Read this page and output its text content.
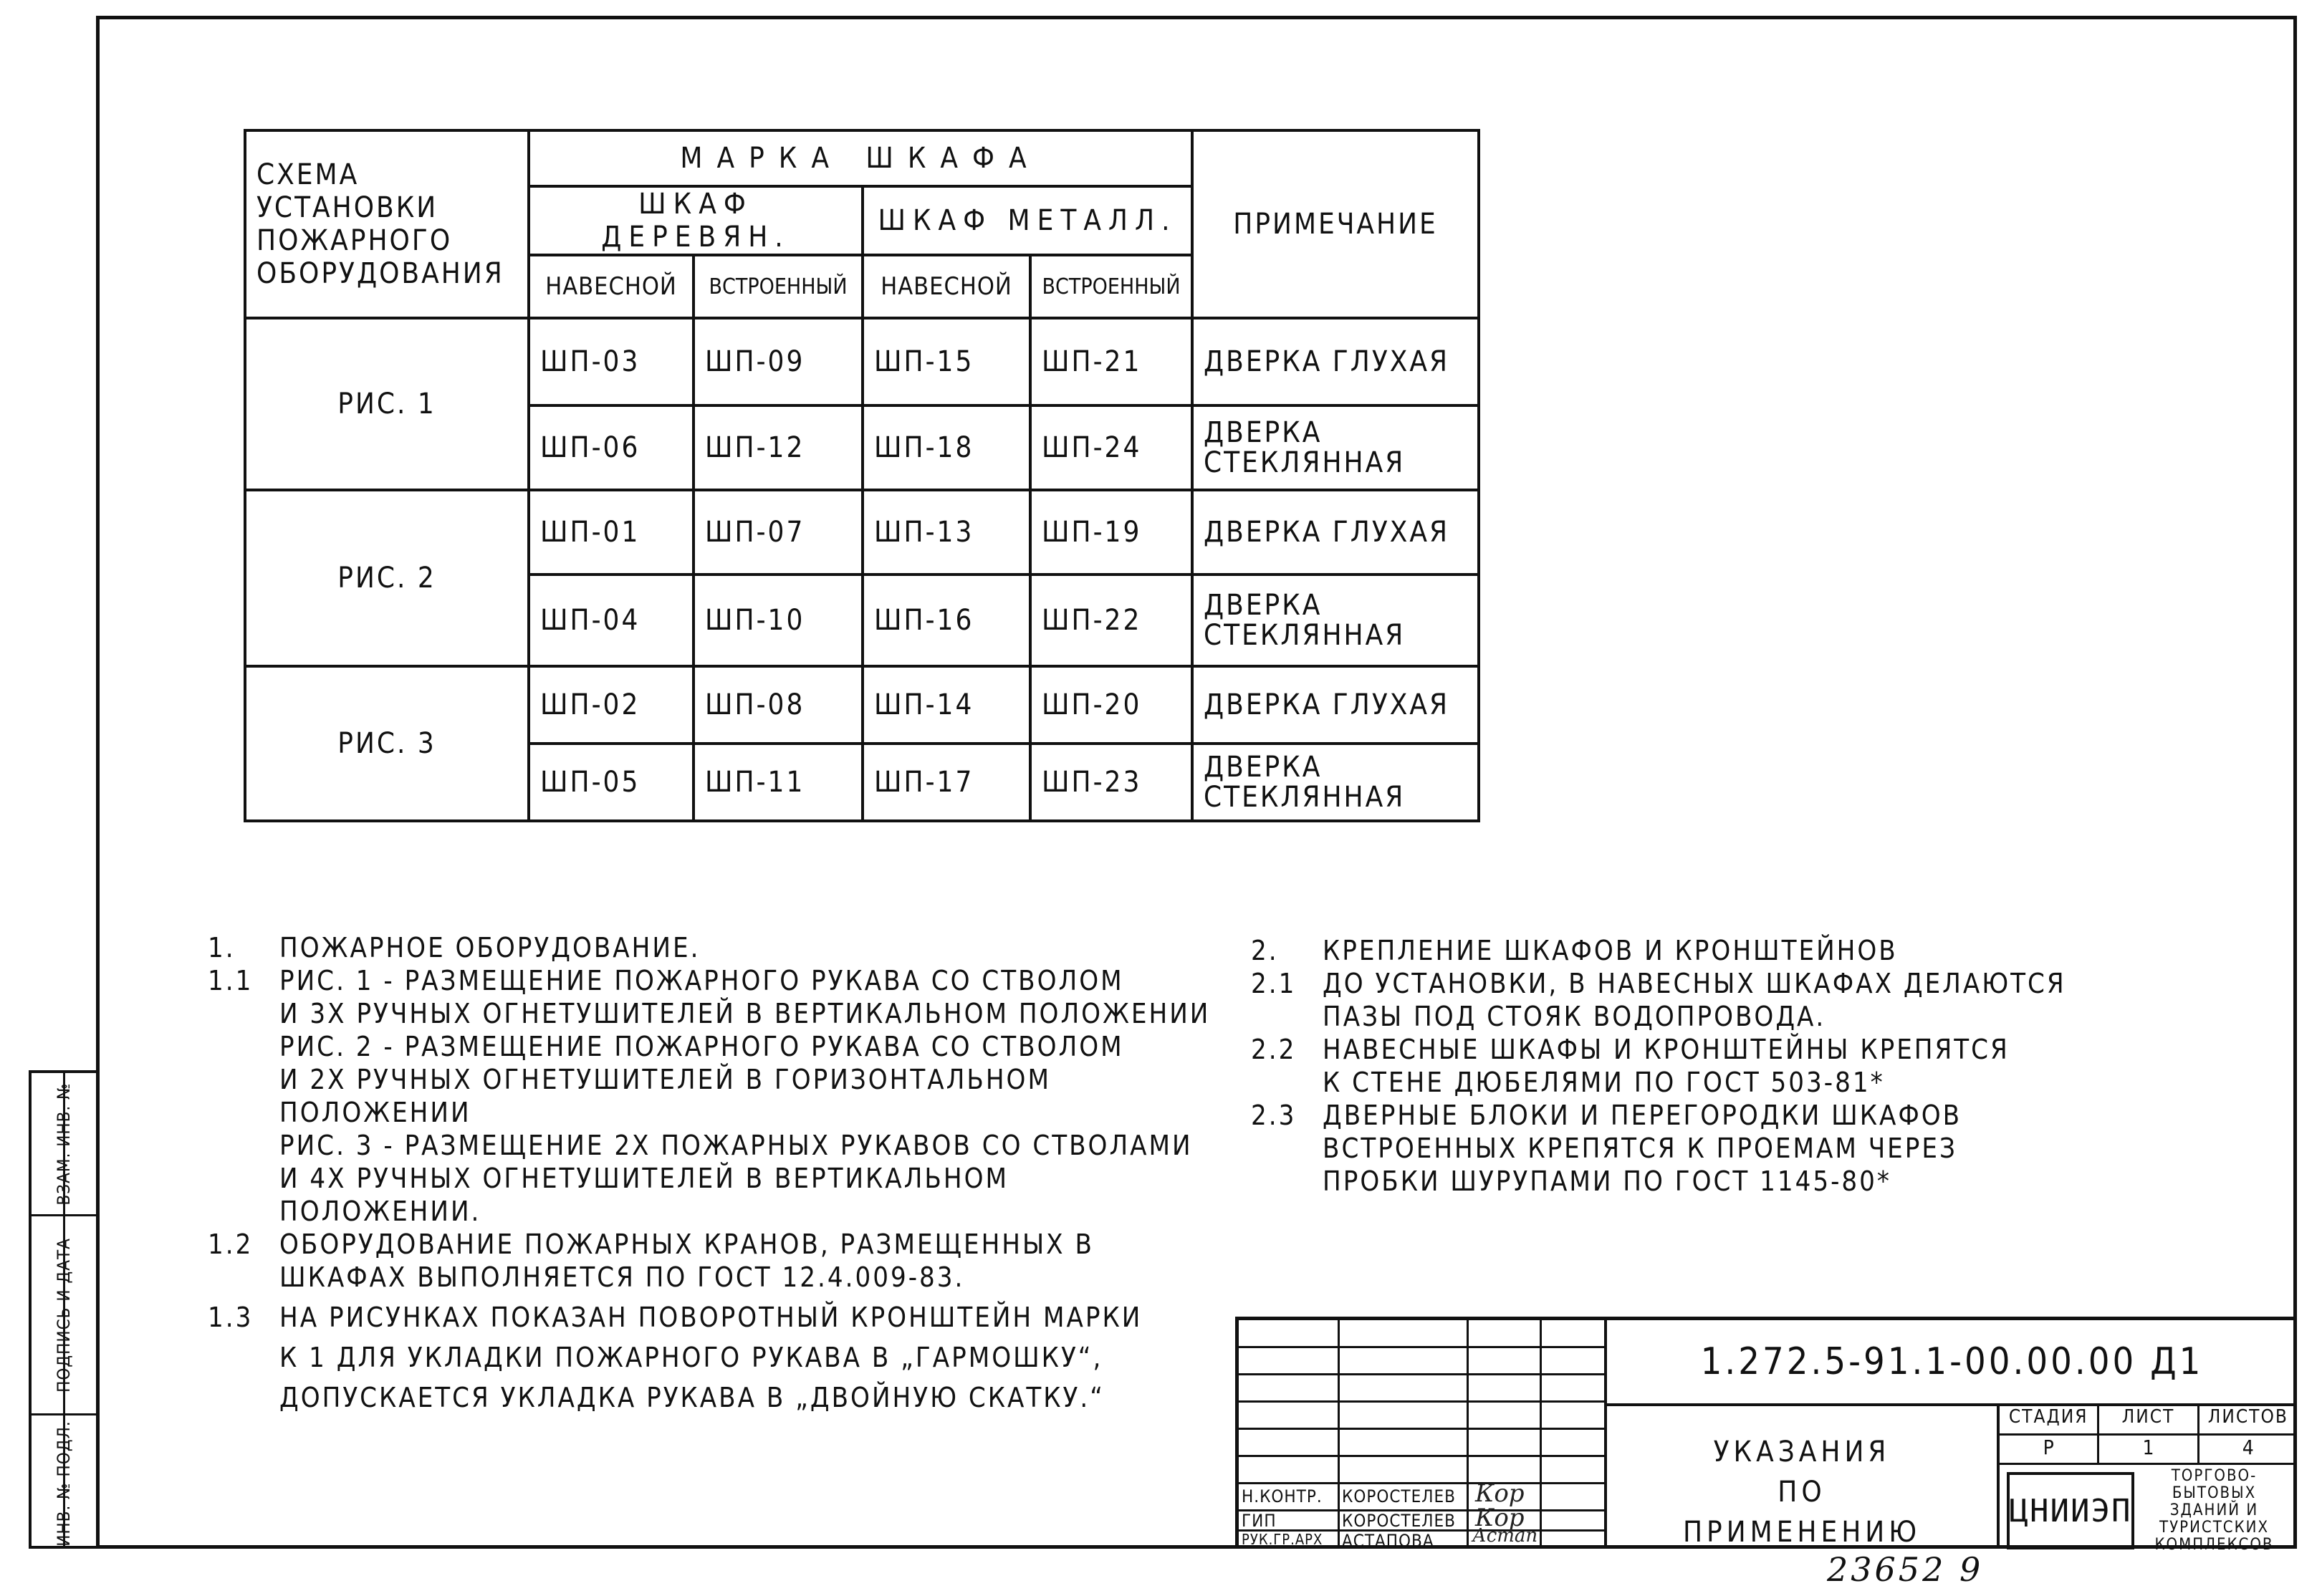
ВЗАМ. ИНВ. №
ПОДПИСЬ И ДАТА
ИНВ. № ПОДЛ.
СХЕМА УСТАНОВКИ ПОЖАРНОГО ОБОРУДОВАНИЯ	МАРКА ШКАФА				ПРИМЕЧАНИЕ
	ШКАФ ДЕРЕВЯН.		ШКАФ МЕТАЛЛ.		
	НАВЕСНОЙ	ВСТРОЕННЫЙ	НАВЕСНОЙ	ВСТРОЕННЫЙ	
РИС. 1	ШП-03	ШП-09	ШП-15	ШП-21	ДВЕРКА ГЛУХАЯ
	ШП-06	ШП-12	ШП-18	ШП-24	ДВЕРКА СТЕКЛЯННАЯ
РИС. 2	ШП-01	ШП-07	ШП-13	ШП-19	ДВЕРКА ГЛУХАЯ
	ШП-04	ШП-10	ШП-16	ШП-22	ДВЕРКА СТЕКЛЯННАЯ
РИС. 3	ШП-02	ШП-08	ШП-14	ШП-20	ДВЕРКА ГЛУХАЯ
	ШП-05	ШП-11	ШП-17	ШП-23	ДВЕРКА СТЕКЛЯННАЯ
1.	ПОЖАРНОЕ ОБОРУДОВАНИЕ.
1.1 РИС. 1 - РАЗМЕЩЕНИЕ ПОЖАРНОГО РУКАВА СО СТВОЛОМ
И 3Х РУЧНЫХ ОГНЕТУШИТЕЛЕЙ В ВЕРТИКАЛЬНОМ ПОЛОЖЕНИИ
РИС. 2 - РАЗМЕЩЕНИЕ ПОЖАРНОГО РУКАВА СО СТВОЛОМ
И 2Х РУЧНЫХ ОГНЕТУШИТЕЛЕЙ В ГОРИЗОНТАЛЬНОМ ПОЛОЖЕНИИ
РИС. 3 - РАЗМЕЩЕНИЕ 2Х ПОЖАРНЫХ РУКАВОВ СО СТВОЛАМИ
И 4Х РУЧНЫХ ОГНЕТУШИТЕЛЕЙ В ВЕРТИКАЛЬНОМ ПОЛОЖЕНИИ.
1.2 ОБОРУДОВАНИЕ ПОЖАРНЫХ КРАНОВ, РАЗМЕЩЕННЫХ В
ШКАФАХ ВЫПОЛНЯЕТСЯ ПО ГОСТ 12.4.009-83.
1.3 НА РИСУНКАХ ПОКАЗАН ПОВОРОТНЫЙ КРОНШТЕЙН МАРКИ
К 1 ДЛЯ УКЛАДКИ ПОЖАРНОГО РУКАВА В „ГАРМОШКУ“,
ДОПУСКАЕТСЯ УКЛАДКА РУКАВА В „ДВОЙНУЮ СКАТКУ.“
2.	КРЕПЛЕНИЕ ШКАФОВ И КРОНШТЕЙНОВ
2.1 ДО УСТАНОВКИ, В НАВЕСНЫХ ШКАФАХ ДЕЛАЮТСЯ
ПАЗЫ ПОД СТОЯК ВОДОПРОВОДА.
2.2 НАВЕСНЫЕ ШКАФЫ И КРОНШТЕЙНЫ КРЕПЯТСЯ
К СТЕНЕ ДЮБЕЛЯМИ ПО ГОСТ 503-81*
2.3 ДВЕРНЫЕ БЛОКИ И ПЕРЕГОРОДКИ ШКАФОВ
ВСТРОЕННЫХ КРЕПЯТСЯ К ПРОЕМАМ ЧЕРЕЗ
ПРОБКИ ШУРУПАМИ ПО ГОСТ 1145-80*
Н.КОНТР. КОРОСТЕЛЕВ Кор
ГИП	КОРОСТЕЛЕВ Кор
РУК.ГР.АРХ АСТАПОВА Астап
1.272.5-91.1-00.00.00 Д1
УКАЗАНИЯ
ПО
ПРИМЕНЕНИЮ
СТАДИЯ	ЛИСТ	ЛИСТОВ
Р	1	4
ЦНИИЭП
ТОРГОВО-
БЫТОВЫХ
ЗДАНИЙ И
ТУРИСТСКИХ
КОМПЛЕКСОВ
23652 9
